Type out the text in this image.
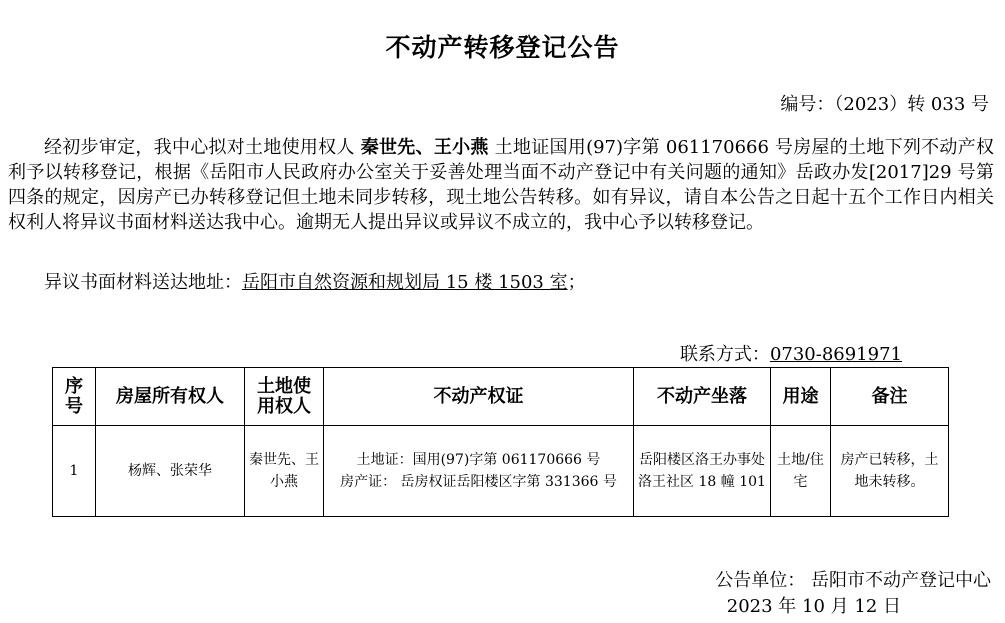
不动产转移登记公告
编号：（2023）转 033 号

经初步审定，我中心拟对土地使用权人 秦世先、王小燕 土地证国用(97)字第 061170666 号房屋的土地下列不动产权利予以转移登记，根据《岳阳市人民政府办公室关于妥善处理当面不动产登记中有关问题的通知》岳政办发[2017]29 号第四条的规定，因房产已办转移登记但土地未同步转移，现土地公告转移。如有异议，请自本公告之日起十五个工作日内相关权利人将异议书面材料送达我中心。逾期无人提出异议或异议不成立的，我中心予以转移登记。

异议书面材料送达地址：岳阳市自然资源和规划局 15 楼 1503 室；
联系方式：0730-8691971
序号	房屋所有权人	土地使用权人	不动产权证	不动产坐落	用途	备注
1	杨辉、张荣华	秦世先、王小燕	土地证：国用(97)字第 061170666 号
房产证： 岳房权证岳阳楼区字第 331366 号	岳阳楼区洛王办事处洛王社区 18 幢 101	土地/住宅	房产已转移，土地未转移。
公告单位： 岳阳市不动产登记中心
2023 年 10 月 12 日
